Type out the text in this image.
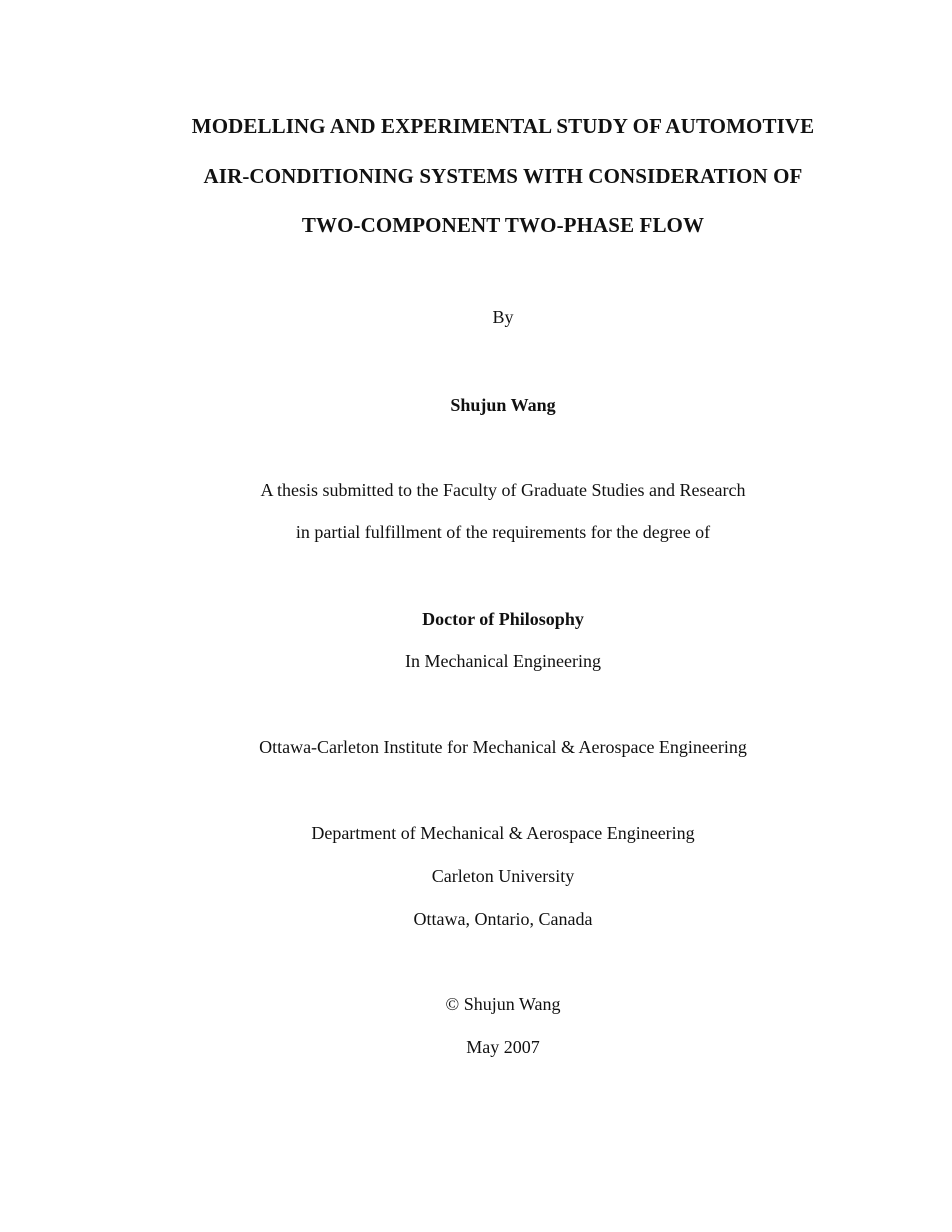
MODELLING AND EXPERIMENTAL STUDY OF AUTOMOTIVE
AIR-CONDITIONING SYSTEMS WITH CONSIDERATION OF
TWO-COMPONENT TWO-PHASE FLOW
By
Shujun Wang
A thesis submitted to the Faculty of Graduate Studies and Research
in partial fulfillment of the requirements for the degree of
Doctor of Philosophy
In Mechanical Engineering
Ottawa-Carleton Institute for Mechanical & Aerospace Engineering
Department of Mechanical & Aerospace Engineering
Carleton University
Ottawa, Ontario, Canada
© Shujun Wang
May 2007
